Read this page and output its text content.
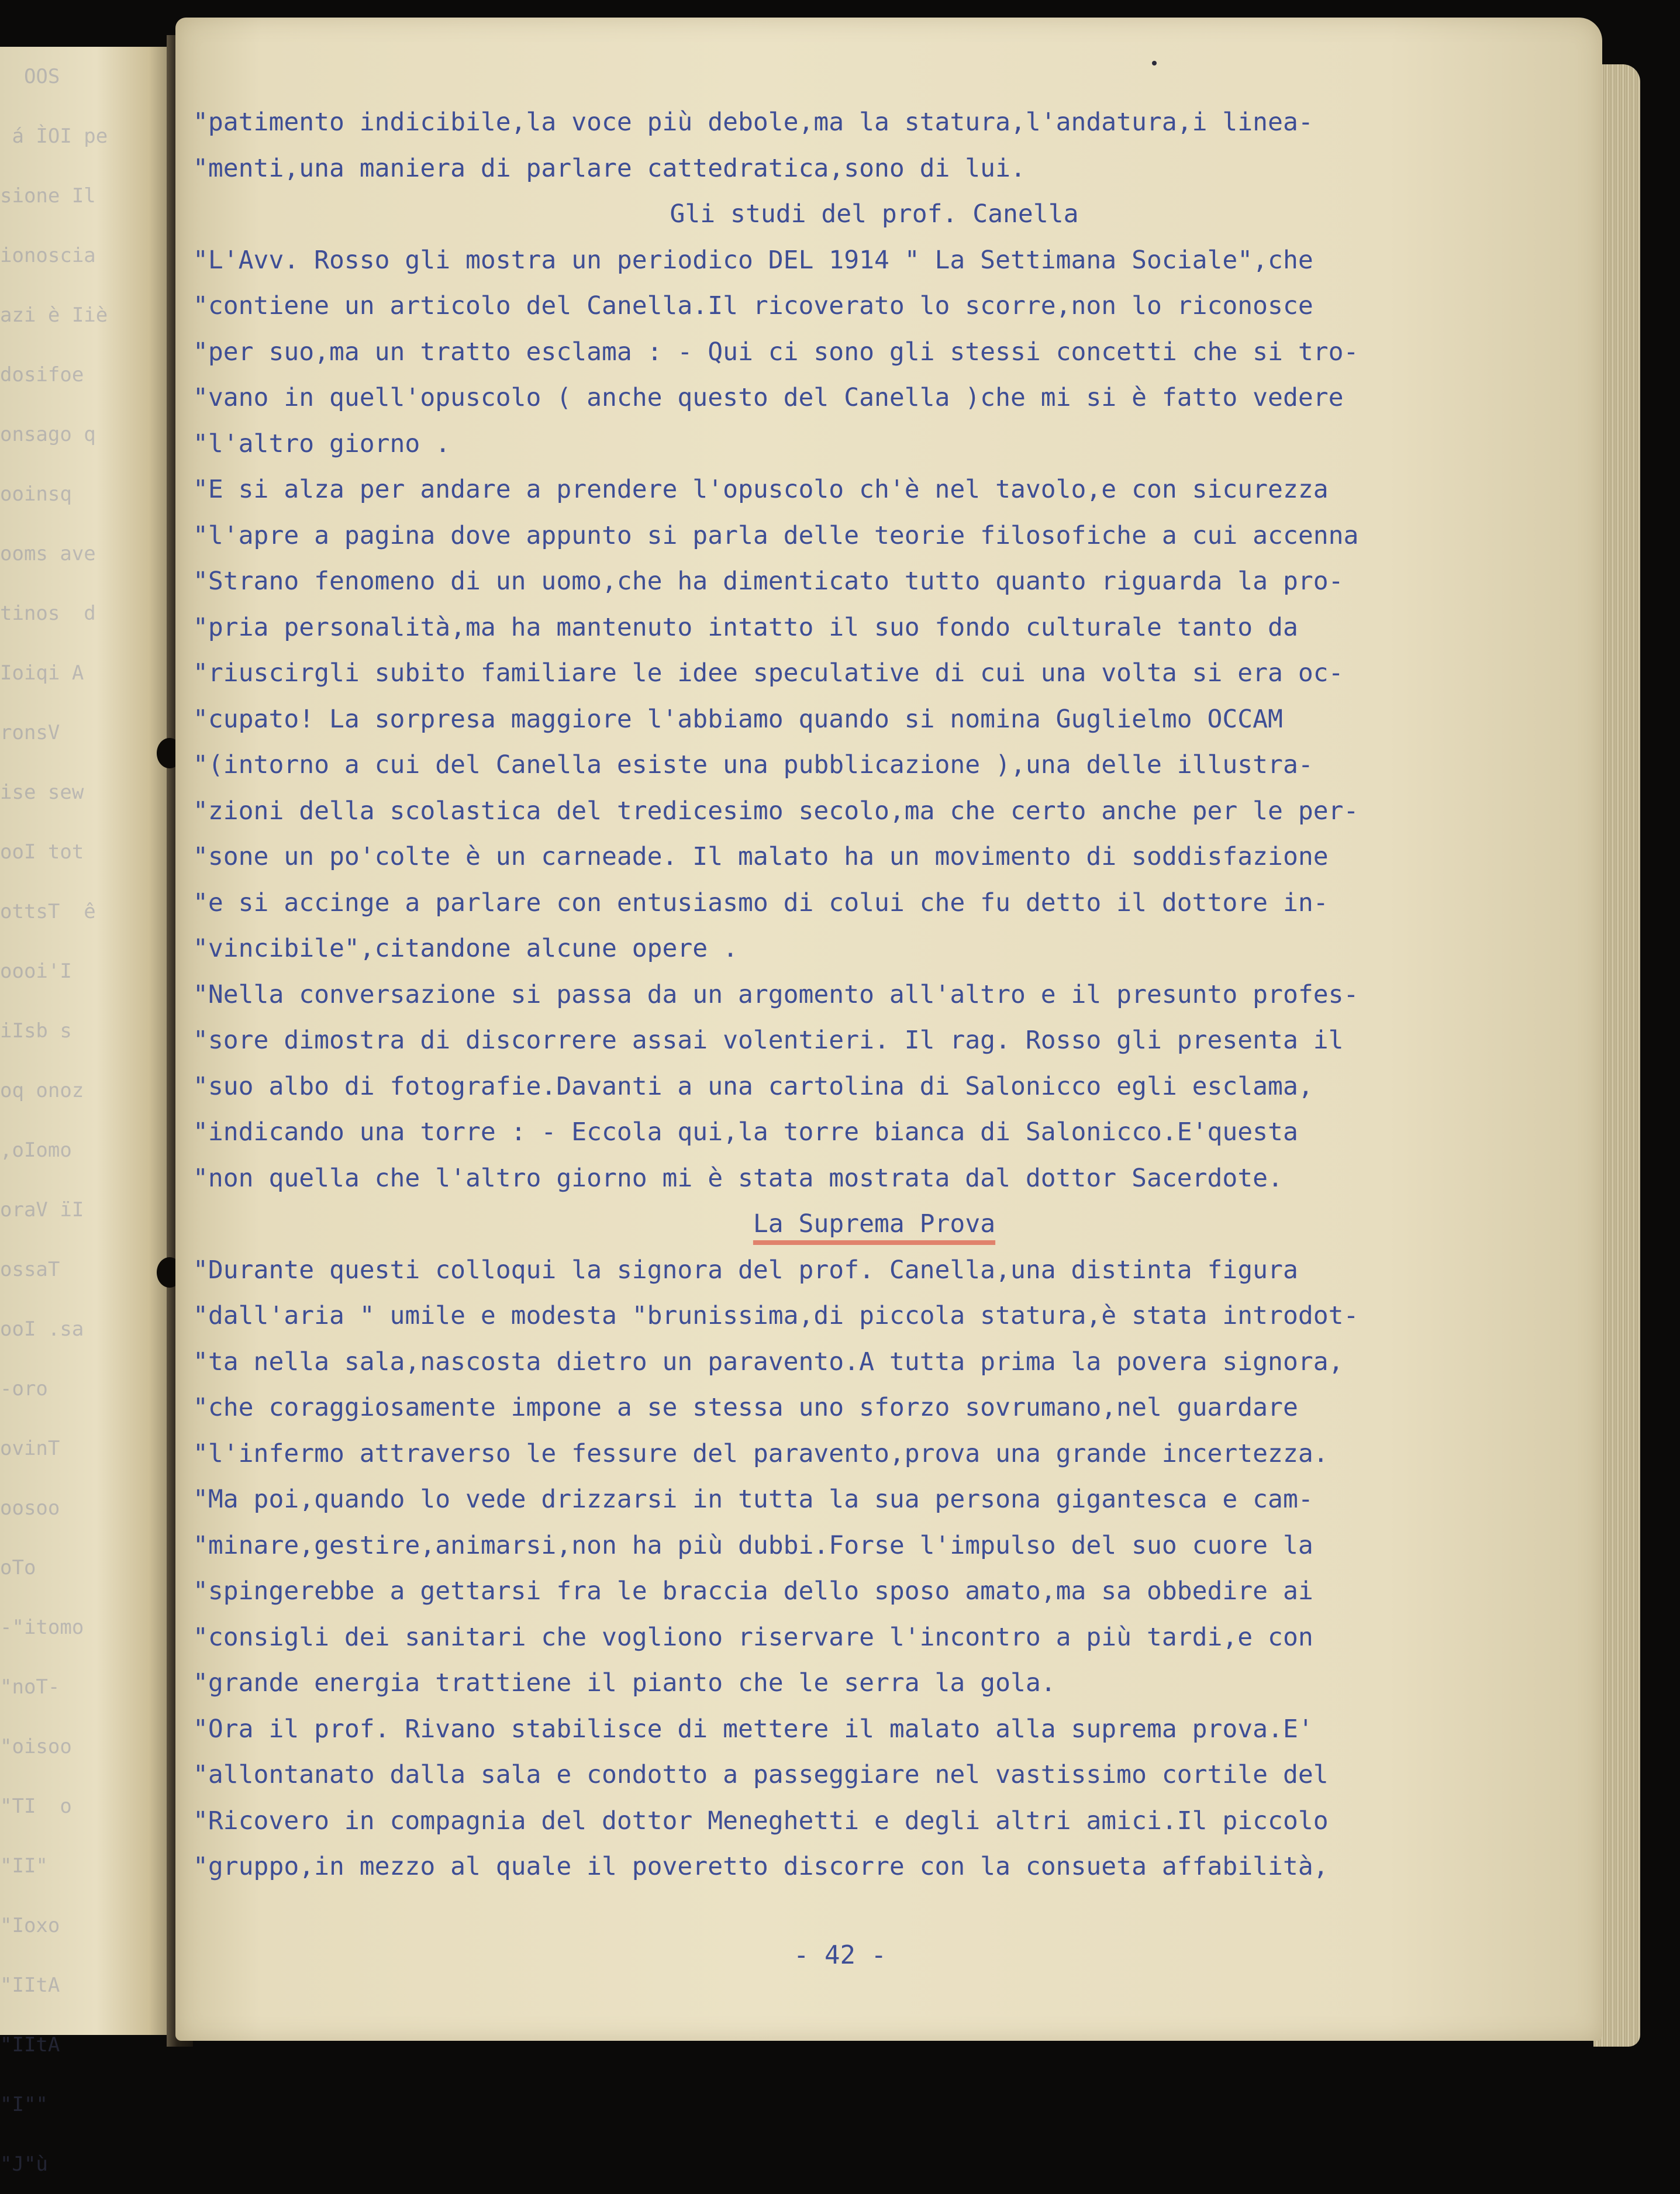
OOS
á ÌOI pe
sione Il
ionoscia
azi è Iiè
dosifoe
onsago q
ooinsq
ooms ave
tinos  d
Ioiqi A
ronsV
ise sew
ooI tot
ottsT  ê
oooi'I
iIsb s
oq onoz
,oIomo
oraV ïI
ossaT
ooI .sa
-oro
ovinT
oosoo
oTo
-"itomo
"noT-
"oisoo
"TI  o
"II"
"Ioxo
"IItA
"IItA
"I""
"J"ù
"patimento indicibile,la voce più debole,ma la statura,l'andatura,i linea-
"menti,una maniera di parlare cattedratica,sono di lui.
Gli studi del prof. Canella
"L'Avv. Rosso gli mostra un periodico DEL 1914 " La Settimana Sociale",che
"contiene un articolo del Canella.Il ricoverato lo scorre,non lo riconosce
"per suo,ma un tratto esclama : - Qui ci sono gli stessi concetti che si tro-
"vano in quell'opuscolo ( anche questo del Canella )che mi si è fatto vedere
"l'altro giorno .
"E si alza per andare a prendere l'opuscolo ch'è nel tavolo,e con sicurezza
"l'apre a pagina dove appunto si parla delle teorie filosofiche a cui accenna
"Strano fenomeno di un uomo,che ha dimenticato tutto quanto riguarda la pro-
"pria personalità,ma ha mantenuto intatto il suo fondo culturale tanto da
"riuscirgli subito familiare le idee speculative di cui una volta si era oc-
"cupato! La sorpresa maggiore l'abbiamo quando si nomina Guglielmo OCCAM
"(intorno a cui del Canella esiste una pubblicazione ),una delle illustra-
"zioni della scolastica del tredicesimo secolo,ma che certo anche per le per-
"sone un po'colte è un carneade. Il malato ha un movimento di soddisfazione
"e si accinge a parlare con entusiasmo di colui che fu detto il dottore in-
"vincibile",citandone alcune opere .
"Nella conversazione si passa da un argomento all'altro e il presunto profes-
"sore dimostra di discorrere assai volentieri. Il rag. Rosso gli presenta il
"suo albo di fotografie.Davanti a una cartolina di Salonicco egli esclama,
"indicando una torre : - Eccola qui,la torre bianca di Salonicco.E'questa
"non quella che l'altro giorno mi è stata mostrata dal dottor Sacerdote.
La Suprema Prova
"Durante questi colloqui la signora del prof. Canella,una distinta figura
"dall'aria " umile e modesta "brunissima,di piccola statura,è stata introdot-
"ta nella sala,nascosta dietro un paravento.A tutta prima la povera signora,
"che coraggiosamente impone a se stessa uno sforzo sovrumano,nel guardare
"l'infermo attraverso le fessure del paravento,prova una grande incertezza.
"Ma poi,quando lo vede drizzarsi in tutta la sua persona gigantesca e cam-
"minare,gestire,animarsi,non ha più dubbi.Forse l'impulso del suo cuore la
"spingerebbe a gettarsi fra le braccia dello sposo amato,ma sa obbedire ai
"consigli dei sanitari che vogliono riservare l'incontro a più tardi,e con
"grande energia trattiene il pianto che le serra la gola.
"Ora il prof. Rivano stabilisce di mettere il malato alla suprema prova.E'
"allontanato dalla sala e condotto a passeggiare nel vastissimo cortile del
"Ricovero in compagnia del dottor Meneghetti e degli altri amici.Il piccolo
"gruppo,in mezzo al quale il poveretto discorre con la consueta affabilità,
- 42 -
